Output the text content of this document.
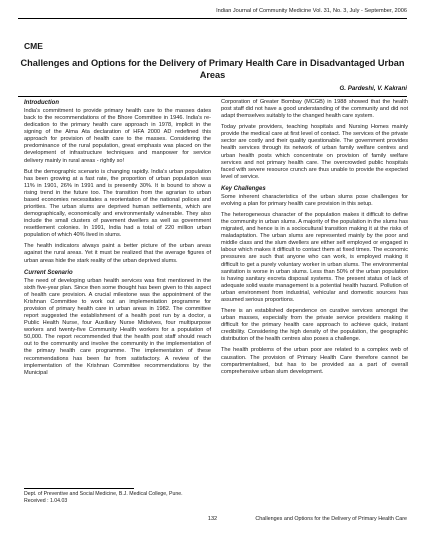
Indian Journal of Community Medicine Vol. 31, No. 3, July - September, 2006
CME
Challenges and Options for the Delivery of Primary Health Care in Disadvantaged Urban Areas
G. Pardeshi, V. Kakrani
Introduction

India's commitment to provide primary health care to the masses dates back to the recommendations of the Bhore Committee in 1946. India's re-dedication to the primary health care approach in 1978, implicit in the signing of the Alma Ata declaration of HFA 2000 AD redefined this approach for provision of health care to the masses. Considering the predominance of the rural population, great emphasis was placed on the development of infrastructure techniques and manpower for service delivery mainly in rural areas - rightly so!

But the demographic scenario is changing rapidly. India's urban population has been growing at a fast rate, the proportion of urban population was 11% in 1901, 26% in 1991 and is presently 30%. It is bound to show a rising trend in the future too. The transition from the agrarian to urban based economies necessitates a reorientation of the national polices and priorities. The urban slums are deprived human settlements, which are demographically, economically and environmentally vulnerable. They also include the small clusters of pavement dwellers as well as government resettlement colonies. In 1991, India had a total of 220 million urban population of which 40% lived in slums.

The health indicators always paint a better picture of the urban areas against the rural areas. Yet it must be realized that the average figures of urban areas hide the stark reality of the urban deprived slums.

Current Scenario

The need of developing urban health services was first mentioned in the sixth five-year plan. Since then some thought has been given to this aspect of health care provision. A crucial milestone was the appointment of the Krishnan Committee to work out an implementation programme for provision of primary health care in urban areas in 1982. The committee report suggested the establishment of a health post run by a doctor, a Public Health Nurse, four Auxiliary Nurse Midwives, four multipurpose workers and twenty-five Community Health workers for a population of 50,000. The report recommended that the health post staff should reach out to the community and involve the community in the implementation of the primary health care programme. The implementation of these recommendations has been far from satisfactory. A review of the implementation of the Krishnan Committee recommendations by the Municipal

Corporation of Greater Bombay (MCGB) in 1988 showed that the health post staff did not have a good understanding of the community and did not adapt themselves suitably to the changed health care system.

Today private providers, teaching hospitals and Nursing Homes mainly provide the medical care at first level of contact. The services of the private sector are costly and their quality questionable. The government provides health services through its network of urban family welfare centres and urban health posts which concentrate on provision of family welfare services and not primary health care. The overcrowded public hospitals faced with severe resource crunch are thus unable to provide the expected level of service.

Key Challenges

Some inherent characteristics of the urban slums pose challenges for evolving a plan for primary health care provision in this setup.

The heterogeneous character of the population makes it difficult to define the community in urban slums. A majority of the population in the slums has migrated, and hence is in a sociocultural transition making it at the risks of maladaptation. The urban slums are represented mainly by the poor and middle class and the slum dwellers are either self employed or engaged in labour which makes it difficult to contact them at fixed times. The economic pressures are such that anyone who can work, is employed making it difficult to get a purely voluntary worker in urban slums. The environmental sanitation is worse in urban slums. Less than 50% of the urban population is having sanitary excreta disposal systems. The present status of lack of adequate solid waste management is a potential health hazard. Pollution of urban environment from industrial, vehicular and domestic sources has assumed serious proportions.

There is an established dependence on curative services amongst the urban masses, especially from the private service providers making it difficult for the primary health care approach to achieve quick, instant credibility. Considering the high density of the population, the geographic distribution of the health centres also poses a challenge.

The health problems of the urban poor are related to a complex web of causation. The provision of Primary Health Care therefore cannot be compartmentalised, but has to be provided as a part of overall comprehensive urban slum development.

Dept. of Preventive and Social Medicine, B.J. Medical College, Pune.
Received : 1.04.03
132	Challenges and Options for the Delivery of Primary Health Care
